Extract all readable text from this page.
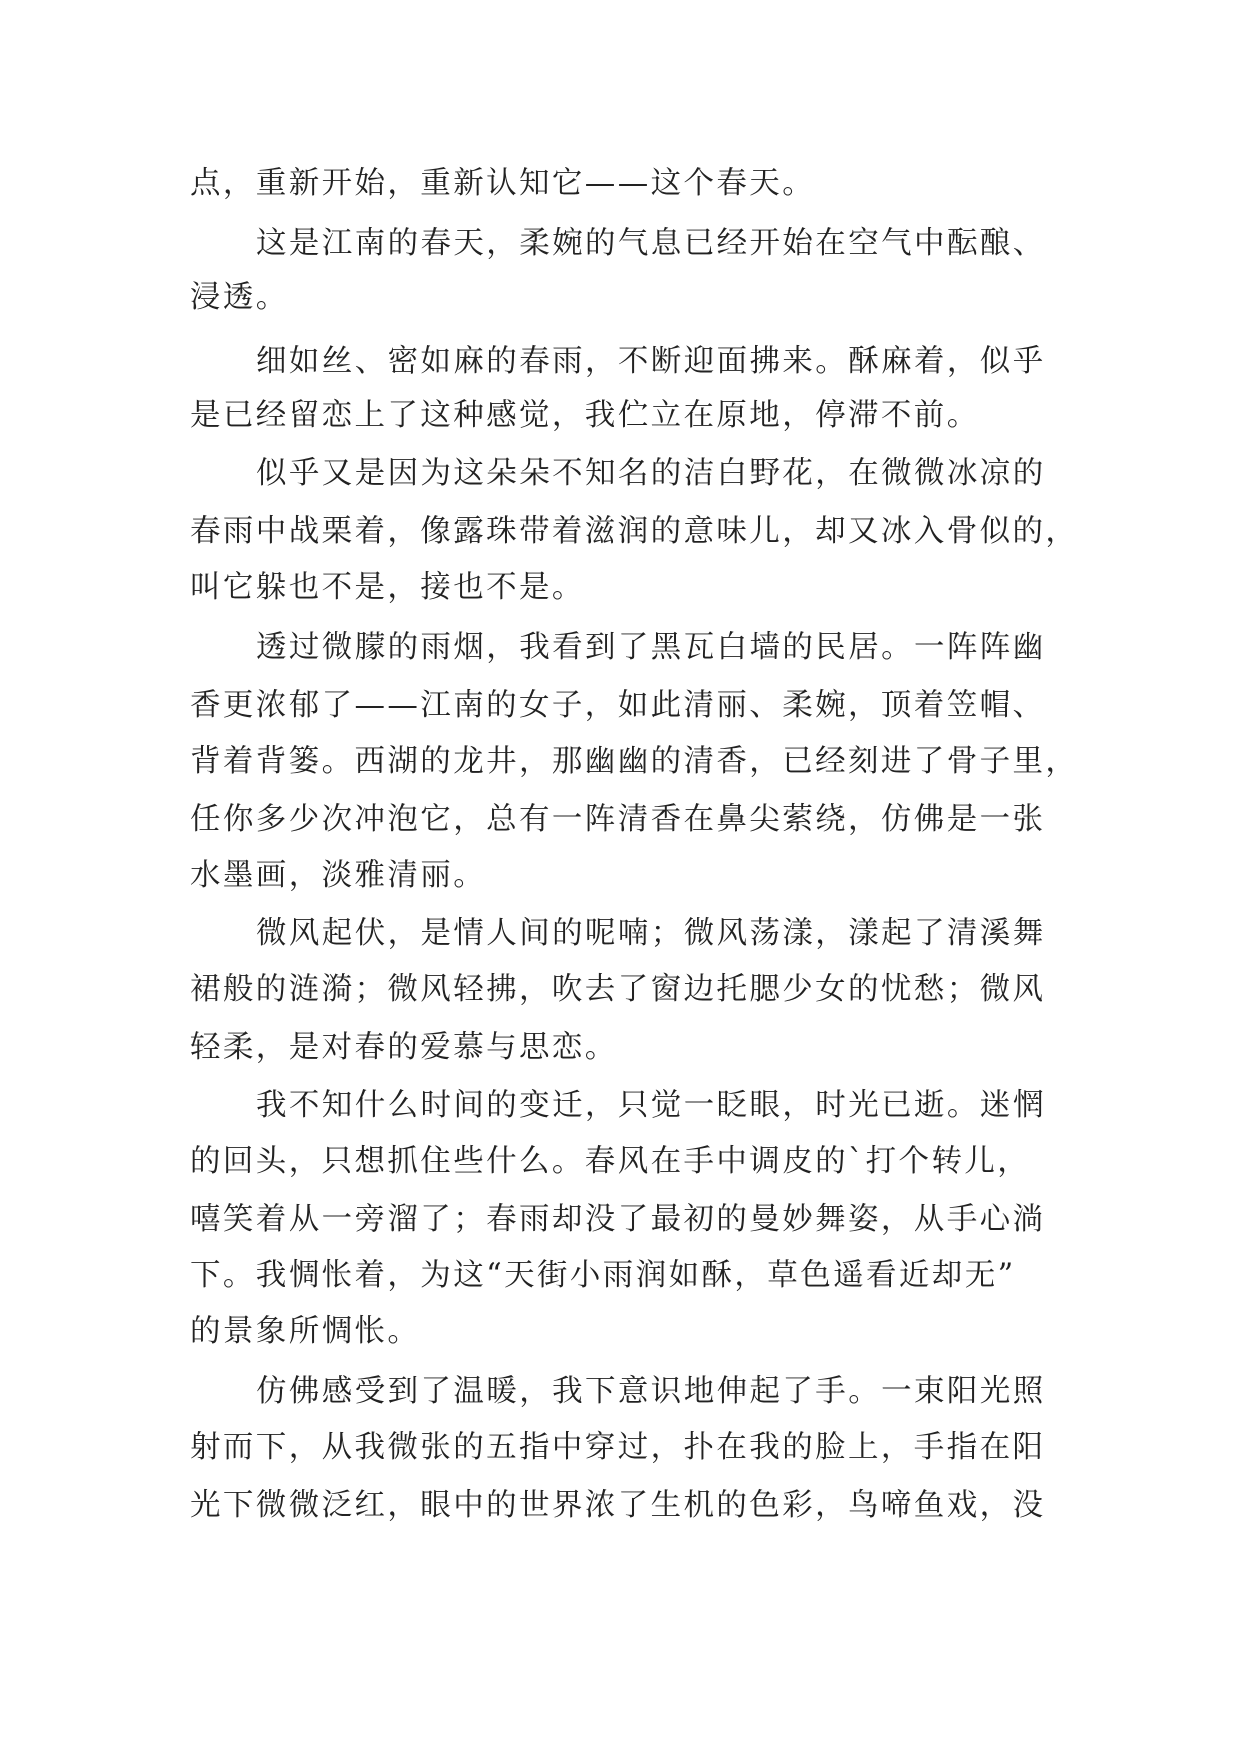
点，重新开始，重新认知它——这个春天。
这是江南的春天，柔婉的气息已经开始在空气中酝酿、
浸透。
细如丝、密如麻的春雨，不断迎面拂来。酥麻着，似乎
是已经留恋上了这种感觉，我伫立在原地，停滞不前。
似乎又是因为这朵朵不知名的洁白野花，在微微冰凉的
春雨中战栗着，像露珠带着滋润的意味儿，却又冰入骨似的，
叫它躲也不是，接也不是。
透过微朦的雨烟，我看到了黑瓦白墙的民居。一阵阵幽
香更浓郁了——江南的女子，如此清丽、柔婉，顶着笠帽、
背着背篓。西湖的龙井，那幽幽的清香，已经刻进了骨子里，
任你多少次冲泡它，总有一阵清香在鼻尖萦绕，仿佛是一张
水墨画，淡雅清丽。
微风起伏，是情人间的呢喃；微风荡漾，漾起了清溪舞
裙般的涟漪；微风轻拂，吹去了窗边托腮少女的忧愁；微风
轻柔，是对春的爱慕与思恋。
我不知什么时间的变迁，只觉一眨眼，时光已逝。迷惘
的回头，只想抓住些什么。春风在手中调皮的`打个转儿，
嘻笑着从一旁溜了；春雨却没了最初的曼妙舞姿，从手心淌
下。我惆怅着，为这“天街小雨润如酥，草色遥看近却无”
的景象所惆怅。
仿佛感受到了温暖，我下意识地伸起了手。一束阳光照
射而下，从我微张的五指中穿过，扑在我的脸上，手指在阳
光下微微泛红，眼中的世界浓了生机的色彩，鸟啼鱼戏，没
